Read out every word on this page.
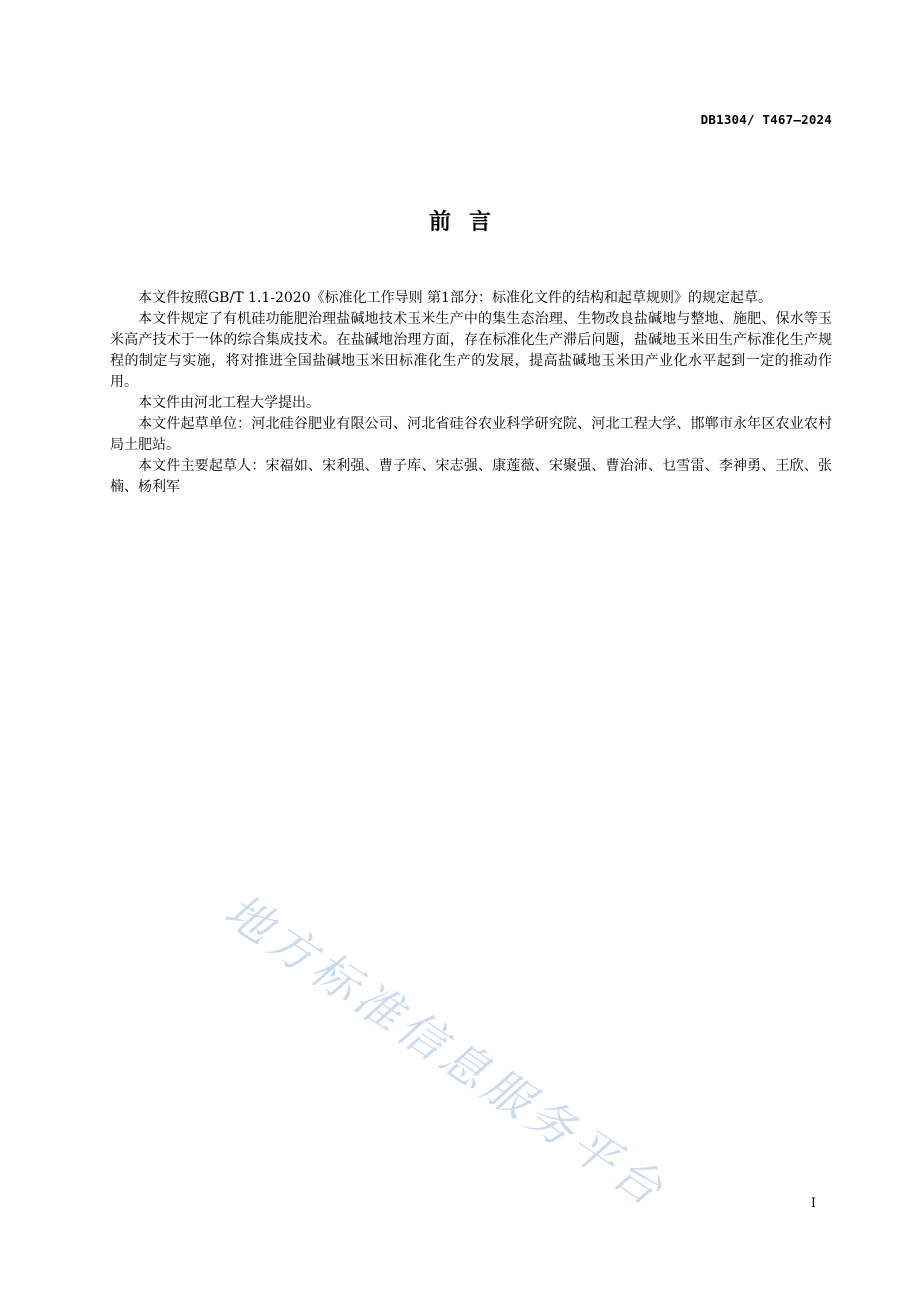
DB1304/ T467—2024
前言

本文件按照GB/T 1.1-2020《标准化工作导则 第1部分：标准化文件的结构和起草规则》的规定起草。

本文件规定了有机硅功能肥治理盐碱地技术玉米生产中的集生态治理、生物改良盐碱地与整地、施肥、保水等玉米高产技术于一体的综合集成技术。在盐碱地治理方面，存在标准化生产滞后问题，盐碱地玉米田生产标准化生产规程的制定与实施，将对推进全国盐碱地玉米田标准化生产的发展，提高盐碱地玉米田产业化水平起到一定的推动作用。

本文件由河北工程大学提出。

本文件起草单位：河北硅谷肥业有限公司、河北省硅谷农业科学研究院、河北工程大学、邯郸市永年区农业农村局土肥站。

本文件主要起草人：宋福如、宋利强、曹子库、宋志强、康莲薇、宋聚强、曹治沛、乜雪雷、李神勇、王欣、张楠、杨利军

地方标准信息服务平台	I
